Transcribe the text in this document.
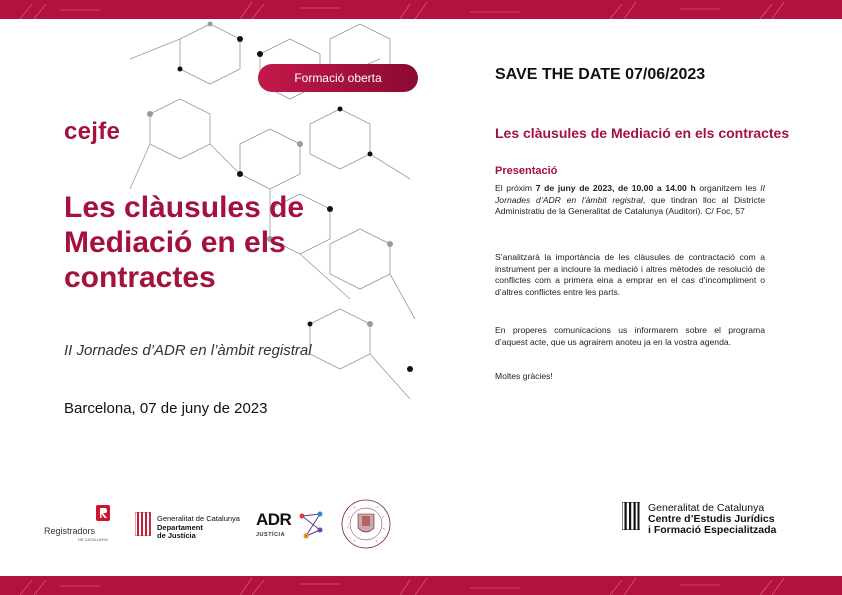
Formació oberta
cejfe
Les clàusules de Mediació en els contractes
II Jornades d’ADR en l’àmbit registral
Barcelona, 07 de juny de 2023
SAVE THE DATE 07/06/2023
Les clàusules de Mediació en els contractes
Presentació
El pròxim 7 de juny de 2023, de 10.00 a 14.00 h organitzem les II Jornades d’ADR en l’àmbit registral, que tindran lloc al Districte Administratiu de la Generalitat de Catalunya (Auditori). C/ Foc, 57
S’analitzarà la importància de les clàusules de contractació com a instrument per a incloure la mediació i altres mètodes de resolució de conflictes com a primera eina a emprar en el cas d’incompliment o d’altres conflictes entre les parts.
En properes comunicacions us informarem sobre el programa d’aquest acte, que us agrairem anoteu ja en la vostra agenda.
Moltes gràcies!
Registradors
DE CATALUNYA
Generalitat de Catalunya
Departament
de Justícia
ADR
JUSTÍCIA
Generalitat de Catalunya
Centre d’Estudis Jurídics
i Formació Especialitzada
